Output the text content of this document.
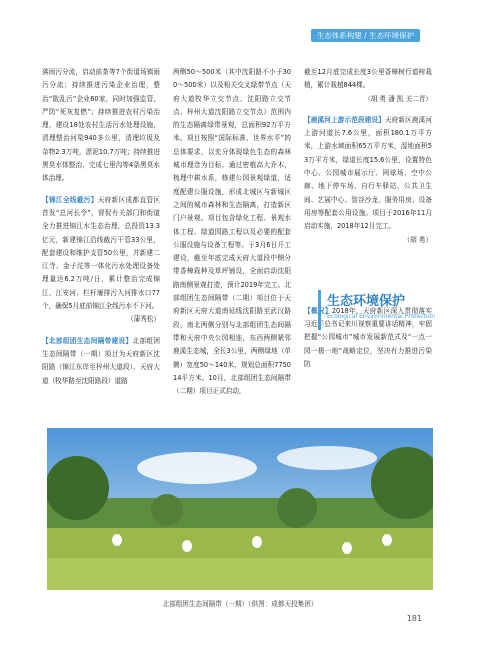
生态体系构建 / 生态环境保护
落雨污分流，启动前茶等7个街道场镇雨污分流；持续推进污染企业治理，整治“散乱污”企业60家，同时加强监管，严防“死灰复燃”；持续推进农村污染治理，建设18处农村生活污水处理设施，清理整治河渠940多公里，清理垃圾及杂物2.3万吨，淤泥10.7万吨；持续推进黑臭水体整治，完成七里沟等4条黑臭水体治理。
【锦江全线截污】天府新区成都直管区首发“总河长令”，督促有关部门和街道全力推进锦江水生态治理，总投资13.3亿元，新建锦江沿线截污干管33公里，配套建设和维护支管50公里，并新建二江寺、金子沱等一体化污水处理设备处理量达6.2万吨/日，累计整治完成锦江、江安河、栏杆堰排污入河排水口77个，确保5月底前锦江全线污水不下河。
（蒲秀松）
【北部组团生态间隔带建设】北部组团生态间隔带（一期）项目为天府新区沈阳路（锦江东岸至梓州大道段）、天府大道（牧华路至沈阳路段）道路
两侧50～500米（其中沈阳路不小于300～500米）以及相关交叉绿带节点（天府大道牧华立交节点、沈阳路立交节点、梓州大道沈阳路立交节点）范围内的生态隔离绿带景观，总面积92万平方米。项目按照“国际标准、世界水平”的总体要求，以充分体现绿色生态的森林城市理念为目标，通过密植高大乔木，梳理中耕水系，修建公园景观绿道，适度配建公服设施，形成北城区与新城区之间的城市森林和生态隔离，打造新区门户景观。项目包含绿化工程、景观水体工程、绿道园路工程以及必要的配套公服设施与设备工程等。于3月6日开工建设，截至年底完成天府大道段中侧分带香樟栽种及草坪铺设，全面启动沈阳路南侧景观打造，预计2019年完工。北部组团生态间隔带（二期）项目位于天府新区天府大道南延线沈阳路至武汉路段，南北两侧分别与北部组团生态间隔带和天府中央公园相连，东西两侧紧邻鹿溪生态城，全长3公里，两侧绿地（单侧）宽度50～140米，规划总面积775014平方米。10月，北部组团生态间隔带（二期）项目正式启动，
截至12月底完成长度3公里香樟树行道树栽植，累计栽植844棵。
（胡 勇 潘 凯 关二青）
【鹿溪河上游示范段建设】天府新区鹿溪河上游河道长7.6公里，面积180.1万平方米，上游水域面积65万平方米，湿地面积53万平方米，绿道长度15.6公里，设置特色中心、公园城市展示厅、网球场、空中公廊、地下停车场、自行车驿站、公共卫生间、艺展中心、智谷沙龙、服务用房、设备用房等配套公用设施。项目于2016年11月启动实施，2018年12月完工。
（胡 勇）
【概况】2018年，天府新区深入贯彻落实习近平总书记来川视察重要讲话精神，牢固把握“公园城市”城市发展新范式及“一点一园一极一地”战略定位，坚决有力推进污染防
生态环境保护
Ecological Environmental Protection
北部组团生态间隔带（一期）（供图：成都天投集团）
181
